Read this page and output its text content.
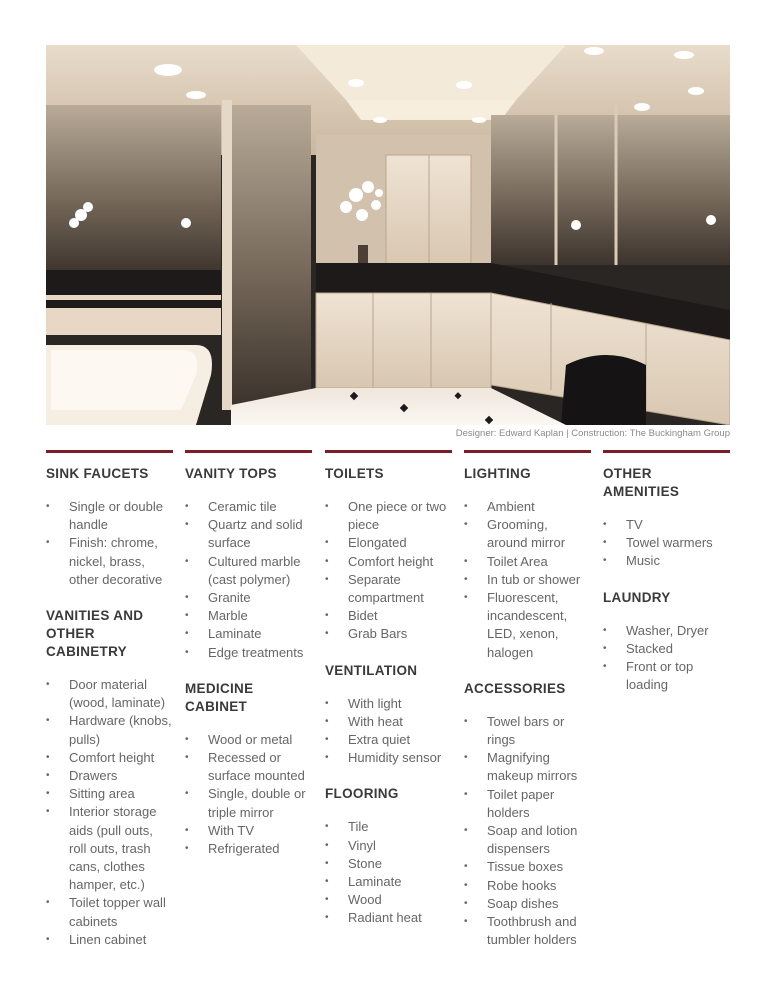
Designer: Edward Kaplan | Construction: The Buckingham Group
SINK FAUCETS
• Single or double handle
• Finish: chrome, nickel, brass, other decorative
VANITIES AND OTHER CABINETRY
• Door material (wood, laminate)
• Hardware (knobs, pulls)
• Comfort height
• Drawers
• Sitting area
• Interior storage aids (pull outs, roll outs, trash cans, clothes hamper, etc.)
• Toilet topper wall cabinets
• Linen cabinet
VANITY TOPS
• Ceramic tile
• Quartz and solid surface
• Cultured marble (cast polymer)
• Granite
• Marble
• Laminate
• Edge treatments
MEDICINE CABINET
• Wood or metal
• Recessed or surface mounted
• Single, double or triple mirror
• With TV
• Refrigerated
TOILETS
• One piece or two piece
• Elongated
• Comfort height
• Separate compartment
• Bidet
• Grab Bars
VENTILATION
• With light
• With heat
• Extra quiet
• Humidity sensor
FLOORING
• Tile
• Vinyl
• Stone
• Laminate
• Wood
• Radiant heat
LIGHTING
• Ambient
• Grooming, around mirror
• Toilet Area
• In tub or shower
• Fluorescent, incandescent, LED, xenon, halogen
ACCESSORIES
• Towel bars or rings
• Magnifying makeup mirrors
• Toilet paper holders
• Soap and lotion dispensers
• Tissue boxes
• Robe hooks
• Soap dishes
• Toothbrush and tumbler holders
OTHER AMENITIES
• TV
• Towel warmers
• Music
LAUNDRY
• Washer, Dryer
• Stacked
• Front or top loading
